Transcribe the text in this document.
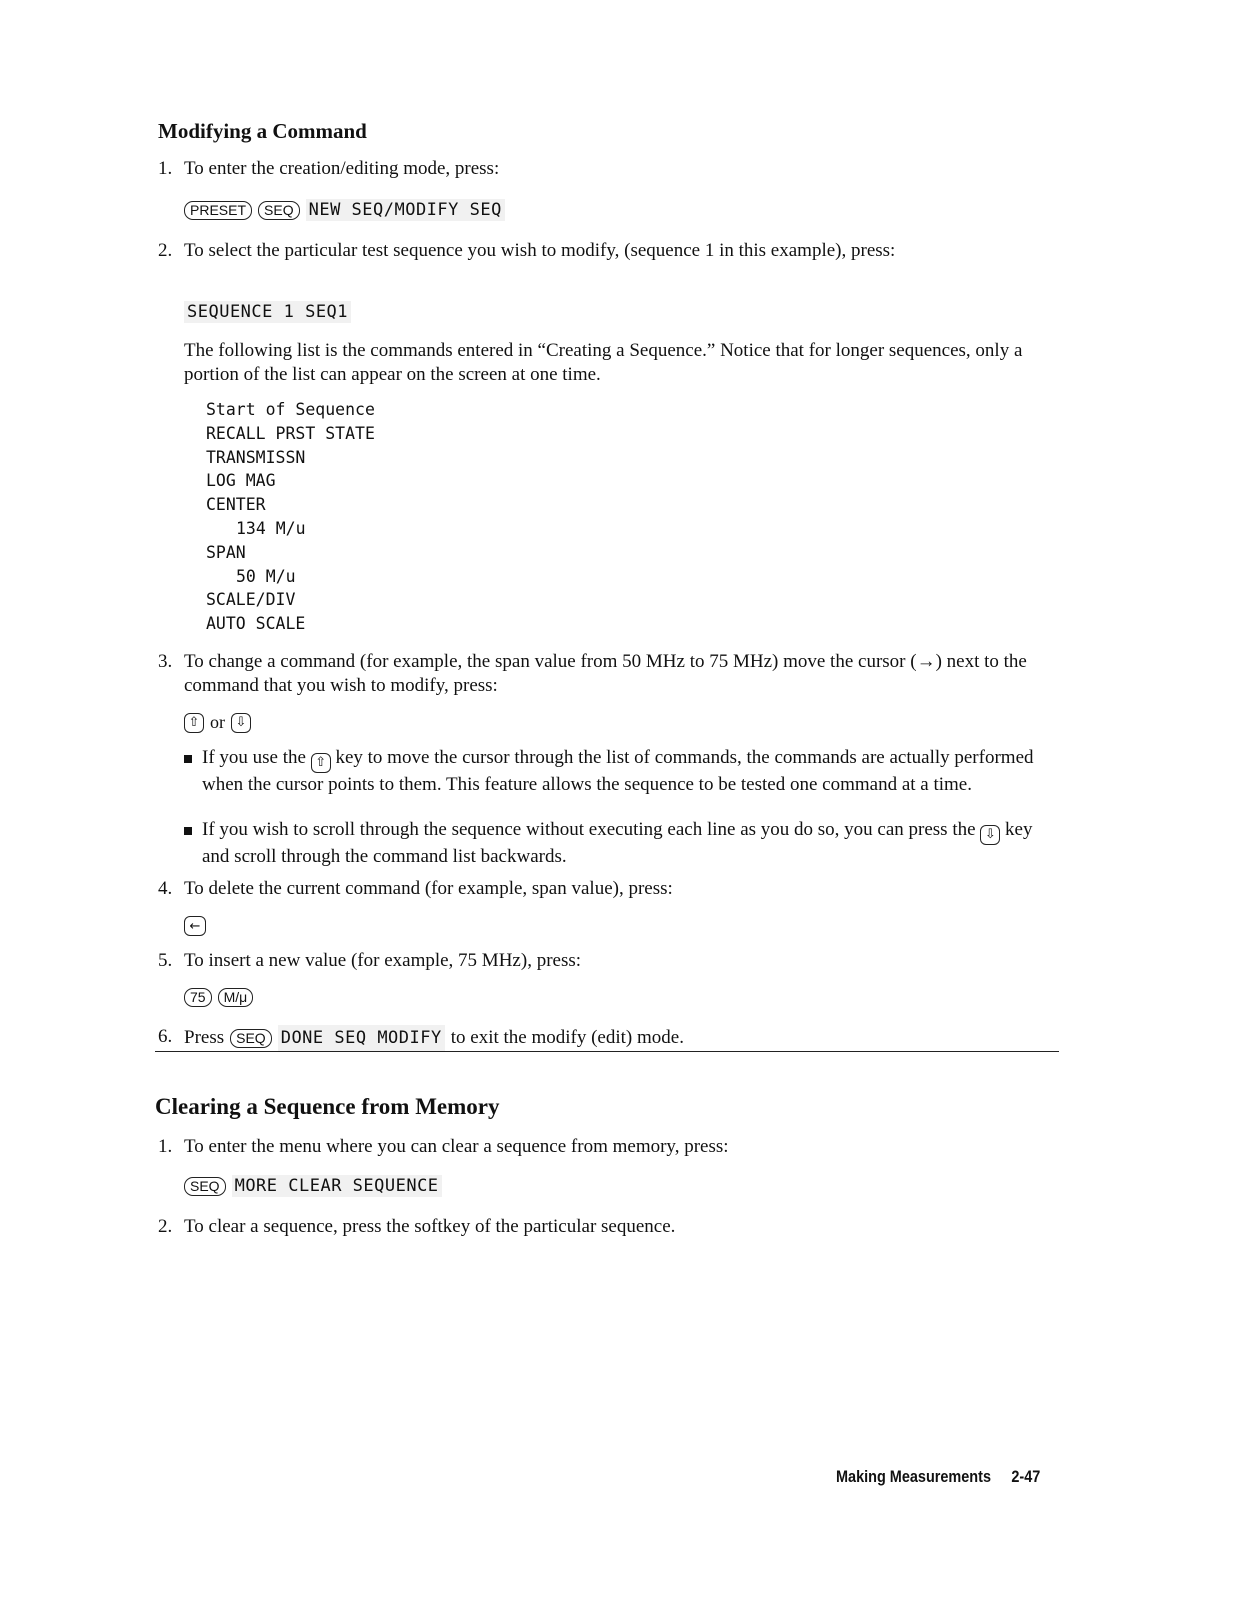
Modifying a Command
1. To enter the creation/editing mode, press:
PRESET	SEQ NEW SEQ/MODIFY SEQ
2. To select the particular test sequence you wish to modify, (sequence 1 in this example), press:
SEQUENCE 1 SEQ1
The following list is the commands entered in “Creating a Sequence.” Notice that for longer sequences, only a portion of the list can appear on the screen at one time.
Start of Sequence
RECALL PRST STATE
TRANSMISSN
LOG MAG
CENTER
134 M/u
SPAN
50 M/u
SCALE/DIV
AUTO SCALE
3. To change a command (for example, the span value from 50 MHz to 75 MHz) move the cursor (→) next to the command that you wish to modify, press:
⇧ or ⇩
If you use the ⇧ key to move the cursor through the list of commands, the commands are actually performed when the cursor points to them. This feature allows the sequence to be tested one command at a time.
If you wish to scroll through the sequence without executing each line as you do so, you can press the ⇩ key and scroll through the command list backwards.
4. To delete the current command (for example, span value), press:
←
5. To insert a new value (for example, 75 MHz), press:
75	M/μ
6. Press SEQ DONE SEQ MODIFY to exit the modify (edit) mode.
Clearing a Sequence from Memory
1. To enter the menu where you can clear a sequence from memory, press:
SEQ MORE CLEAR SEQUENCE
2. To clear a sequence, press the softkey of the particular sequence.
Making Measurements 2-47
